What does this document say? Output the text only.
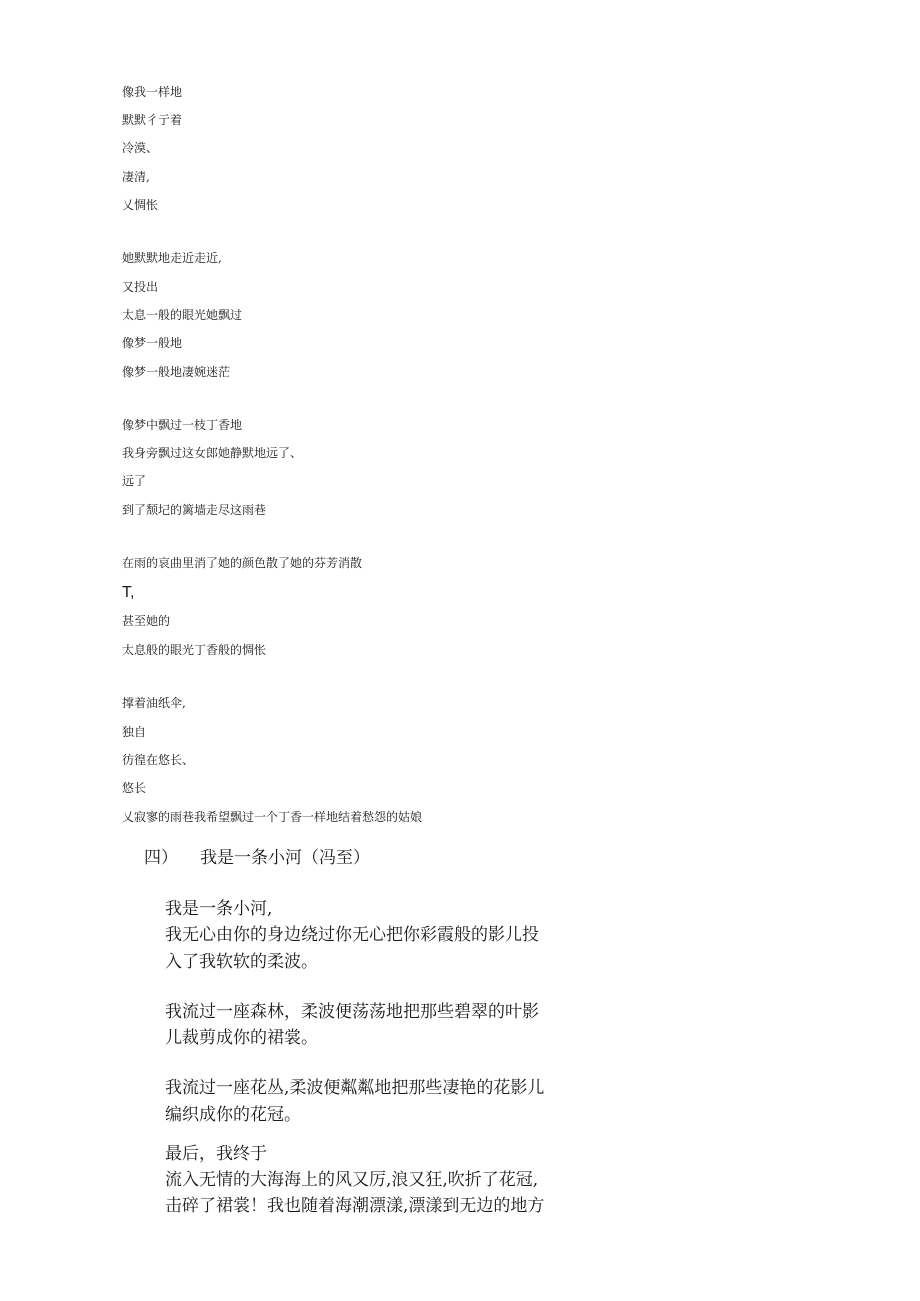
像我一样地
默默彳亍着
冷漠、
凄清,
乂惆怅
她默默地走近走近,
又投出
太息一般的眼光她飘过
像梦一般地
像梦一般地凄婉迷茫
像梦中飘过一枝丁香地
我身旁飘过这女郎她静默地远了、
远了
到了颓圮的篱墙走尽这雨巷
在雨的哀曲里消了她的颜色散了她的芬芳消散
T,
甚至她的
太息般的眼光丁香般的惆怅
撑着油纸伞,
独自
彷徨在悠长、
悠长
乂寂寥的雨巷我希望飘过一个丁香一样地结着愁怨的姑娘
四） 我是一条小河（冯至）
我是一条小河,
我无心由你的身边绕过你无心把你彩霞般的影儿投
入了我软软的柔波。
我流过一座森林，柔波便荡荡地把那些碧翠的叶影
儿裁剪成你的裙裳。
我流过一座花丛,柔波便粼粼地把那些凄艳的花影儿
编织成你的花冠。
最后，我终于
流入无情的大海海上的风又厉,浪又狂,吹折了花冠,
击碎了裙裳！我也随着海潮漂漾,漂漾到无边的地方
